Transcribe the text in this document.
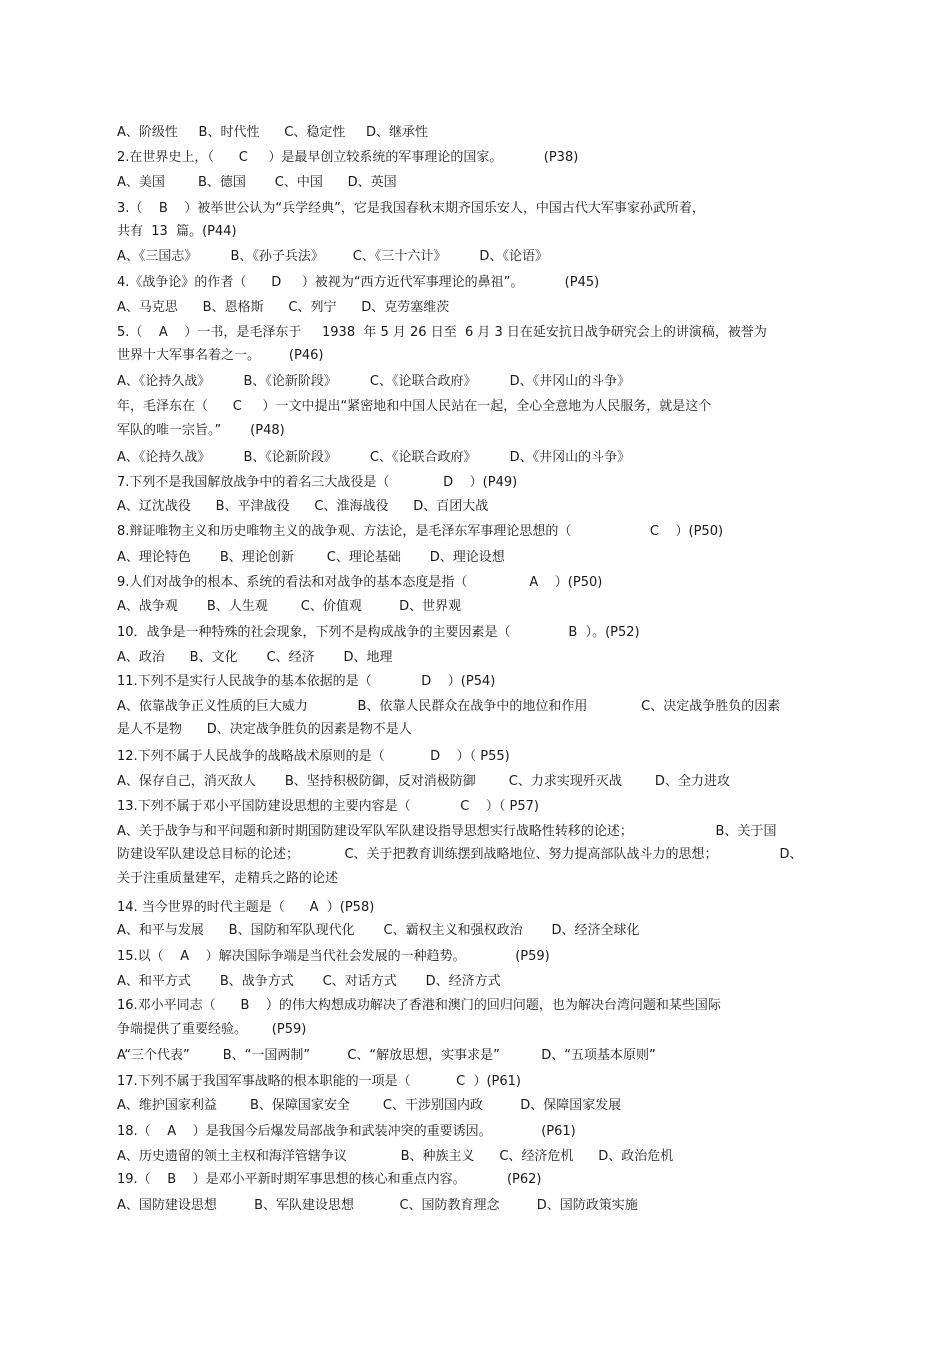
A、阶级性     B、时代性      C、稳定性     D、继承性
2.在世界史上，（      C     ）是最早创立较系统的军事理论的国家。          (P38)
A、美国        B、德国       C、中国      D、英国
3.（    B    ）被举世公认为“兵学经典”，它是我国春秋末期齐国乐安人，中国古代大军事家孙武所着，
共有  13  篇。(P44)
A、《三国志》        B、《孙子兵法》       C、《三十六计》        D、《论语》
4.《战争论》的作者（      D     ）被视为“西方近代军事理论的鼻祖”。          (P45)
A、马克思      B、恩格斯      C、列宁      D、克劳塞维茨
5.（    A    ）一书，是毛泽东于     1938  年 5 月 26 日至  6 月 3 日在延安抗日战争研究会上的讲演稿，被誉为
世界十大军事名着之一。       (P46)
A、《论持久战》        B、《论新阶段》        C、《论联合政府》        D、《井冈山的斗争》
年，毛泽东在（      C     ）一文中提出“紧密地和中国人民站在一起，全心全意地为人民服务，就是这个
军队的唯一宗旨。”       (P48)
A、《论持久战》        B、《论新阶段》        C、《论联合政府》        D、《井冈山的斗争》
7.下列不是我国解放战争中的着名三大战役是（             D    ）(P49)
A、辽沈战役      B、平津战役      C、淮海战役      D、百团大战
8.辩证唯物主义和历史唯物主义的战争观、方法论，是毛泽东军事理论思想的（                   C    ）(P50)
A、理论特色       B、理论创新        C、理论基础       D、理论设想
9.人们对战争的根本、系统的看法和对战争的基本态度是指（               A    ）(P50)
A、战争观       B、人生观        C、价值观         D、世界观
10．战争是一种特殊的社会现象，下列不是构成战争的主要因素是（              B  ）。(P52)
A、政治      B、文化       C、经济       D、地理
11.下列不是实行人民战争的基本依据的是（            D    ）(P54)
A、依靠战争正义性质的巨大威力            B、依靠人民群众在战争中的地位和作用             C、决定战争胜负的因素
是人不是物      D、决定战争胜负的因素是物不是人
12.下列不属于人民战争的战略战术原则的是（           D    ）（ P55)
A、保存自己，消灭敌人       B、坚持积极防御，反对消极防御        C、力求实现歼灭战        D、全力进攻
13.下列不属于邓小平国防建设思想的主要内容是（            C    ）（ P57)
A、关于战争与和平问题和新时期国防建设军队军队建设指导思想实行战略性转移的论述；                    B、关于国
防建设军队建设总目标的论述；           C、关于把教育训练摆到战略地位、努力提高部队战斗力的思想；               D、
关于注重质量建军，走精兵之路的论述
14. 当今世界的时代主题是（      A  ）(P58)
A、和平与发展      B、国防和军队现代化       C、霸权主义和强权政治       D、经济全球化
15.以（    A    ）解决国际争端是当代社会发展的一种趋势。            (P59)
A、和平方式       B、战争方式       C、对话方式       D、经济方式
16.邓小平同志（      B    ）的伟大构想成功解决了香港和澳门的回归问题，也为解决台湾问题和某些国际
争端提供了重要经验。      (P59)
A“三个代表”        B、“一国两制”         C、“解放思想，实事求是”          D、“五项基本原则”
17.下列不属于我国军事战略的根本职能的一项是（           C  ）(P61)
A、维护国家利益        B、保障国家安全        C、干涉别国内政         D、保障国家发展
18.（    A    ）是我国今后爆发局部战争和武装冲突的重要诱因。            (P61)
A、历史遗留的领土主权和海洋管辖争议             B、种族主义      C、经济危机      D、政治危机
19.（    B    ）是邓小平新时期军事思想的核心和重点内容。          (P62)
A、国防建设思想         B、军队建设思想           C、国防教育理念         D、国防政策实施
